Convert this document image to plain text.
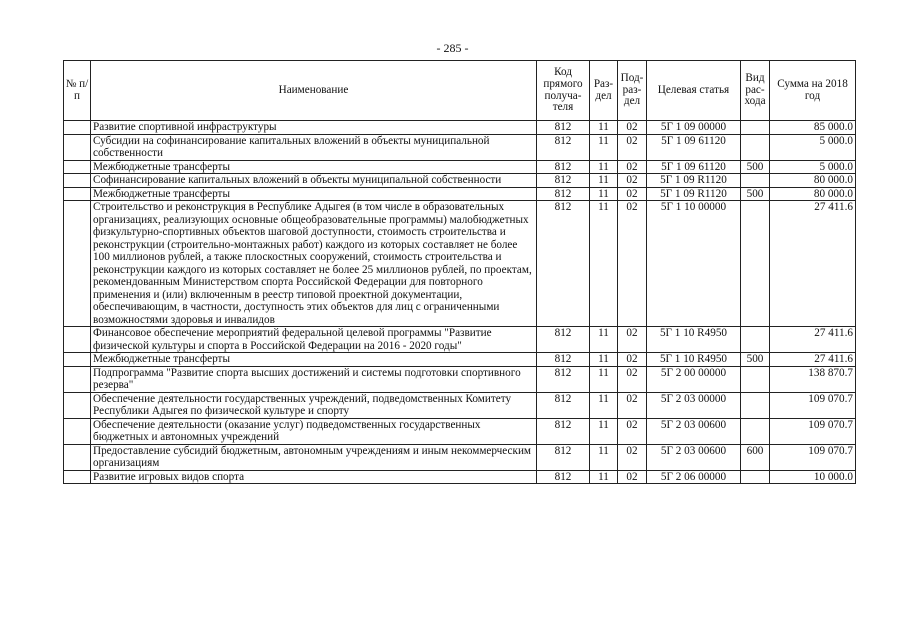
- 285 -
№ п/п	Наименование	Код прямого получа-теля	Раз-дел	Под-раз-дел	Целевая статья	Вид рас-хода	Сумма на 2018 год
	Развитие спортивной инфраструктуры	812	11	02	5Г 1 09 00000		85 000.0
	Субсидии на софинансирование капитальных вложений в объекты муниципальной собственности	812	11	02	5Г 1 09 61120		5 000.0
	Межбюджетные трансферты	812	11	02	5Г 1 09 61120	500	5 000.0
	Софинансирование капитальных вложений в объекты муниципальной собственности	812	11	02	5Г 1 09 R1120		80 000.0
	Межбюджетные трансферты	812	11	02	5Г 1 09 R1120	500	80 000.0
	Строительство и реконструкция в Республике Адыгея (в том числе в образовательных организациях, реализующих основные общеобразовательные программы) малобюджетных физкультурно-спортивных объектов шаговой доступности, стоимость строительства и реконструкции (строительно-монтажных работ) каждого из которых составляет не более 100 миллионов рублей, а также плоскостных сооружений, стоимость строительства и реконструкции каждого из которых составляет не более 25 миллионов рублей, по проектам, рекомендованным Министерством спорта Российской Федерации для повторного применения и (или) включенным в реестр типовой проектной документации, обеспечивающим, в частности, доступность этих объектов для лиц с ограниченными возможностями здоровья и инвалидов	812	11	02	5Г 1 10 00000		27 411.6
	Финансовое обеспечение мероприятий федеральной целевой программы "Развитие физической культуры и спорта в Российской Федерации на 2016 - 2020 годы"	812	11	02	5Г 1 10 R4950		27 411.6
	Межбюджетные трансферты	812	11	02	5Г 1 10 R4950	500	27 411.6
	Подпрограмма "Развитие спорта высших достижений и системы подготовки спортивного резерва"	812	11	02	5Г 2 00 00000		138 870.7
	Обеспечение деятельности государственных учреждений, подведомственных Комитету Республики Адыгея по физической культуре и спорту	812	11	02	5Г 2 03 00000		109 070.7
	Обеспечение деятельности (оказание услуг) подведомственных государственных бюджетных и автономных учреждений	812	11	02	5Г 2 03 00600		109 070.7
	Предоставление субсидий бюджетным, автономным учреждениям и иным некоммерческим организациям	812	11	02	5Г 2 03 00600	600	109 070.7
	Развитие игровых видов спорта	812	11	02	5Г 2 06 00000		10 000.0
